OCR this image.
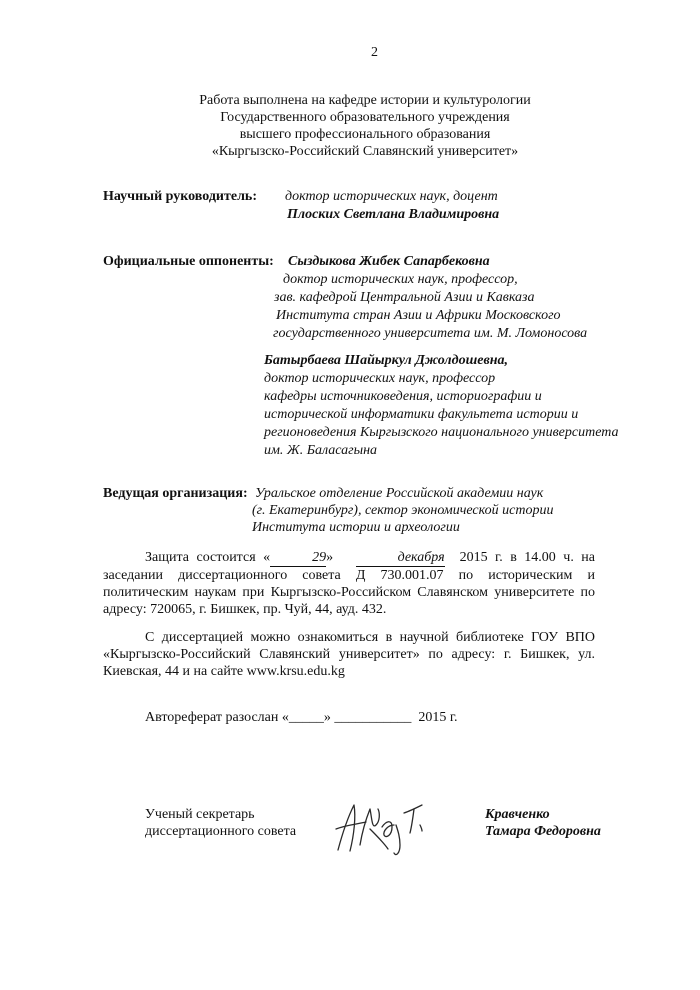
2
Работа выполнена на кафедре истории и культурологии
Государственного образовательного учреждения
высшего профессионального образования
«Кыргызско-Российский Славянский университет»
Научный руководитель: доктор исторических наук, доцент
Плоских Светлана Владимировна
Официальные оппоненты: Сыздыкова Жибек Сапарбековна
доктор исторических наук, профессор,
зав. кафедрой Центральной Азии и Кавказа
Института стран Азии и Африки Московского
государственного университета им. М. Ломоносова
Батырбаева Шайыркул Джолдошевна,
доктор исторических наук, профессор
кафедры источниковедения, историографии и
исторической информатики факультета истории и
регионоведения Кыргызского национального университета
им. Ж. Баласагына
Ведущая организация: Уральское отделение Российской академии наук
(г. Екатеринбург), сектор экономической истории
Института истории и археологии
Защита состоится «	29»	декабря 2015 г. в 14.00 ч. на заседании диссертационного совета Д 730.001.07 по историческим и политическим наукам при Кыргызско-Российском Славянском университете по адресу: 720065, г. Бишкек, пр. Чуй, 44, ауд. 432.
С диссертацией можно ознакомиться в научной библиотеке ГОУ ВПО «Кыргызско-Российский Славянский университет» по адресу: г. Бишкек, ул. Киевская, 44 и на сайте www.krsu.edu.kg
Автореферат разослан «_____» ___________ 2015 г.
Ученый секретарь
диссертационного совета
Кравченко
Тамара Федоровна
